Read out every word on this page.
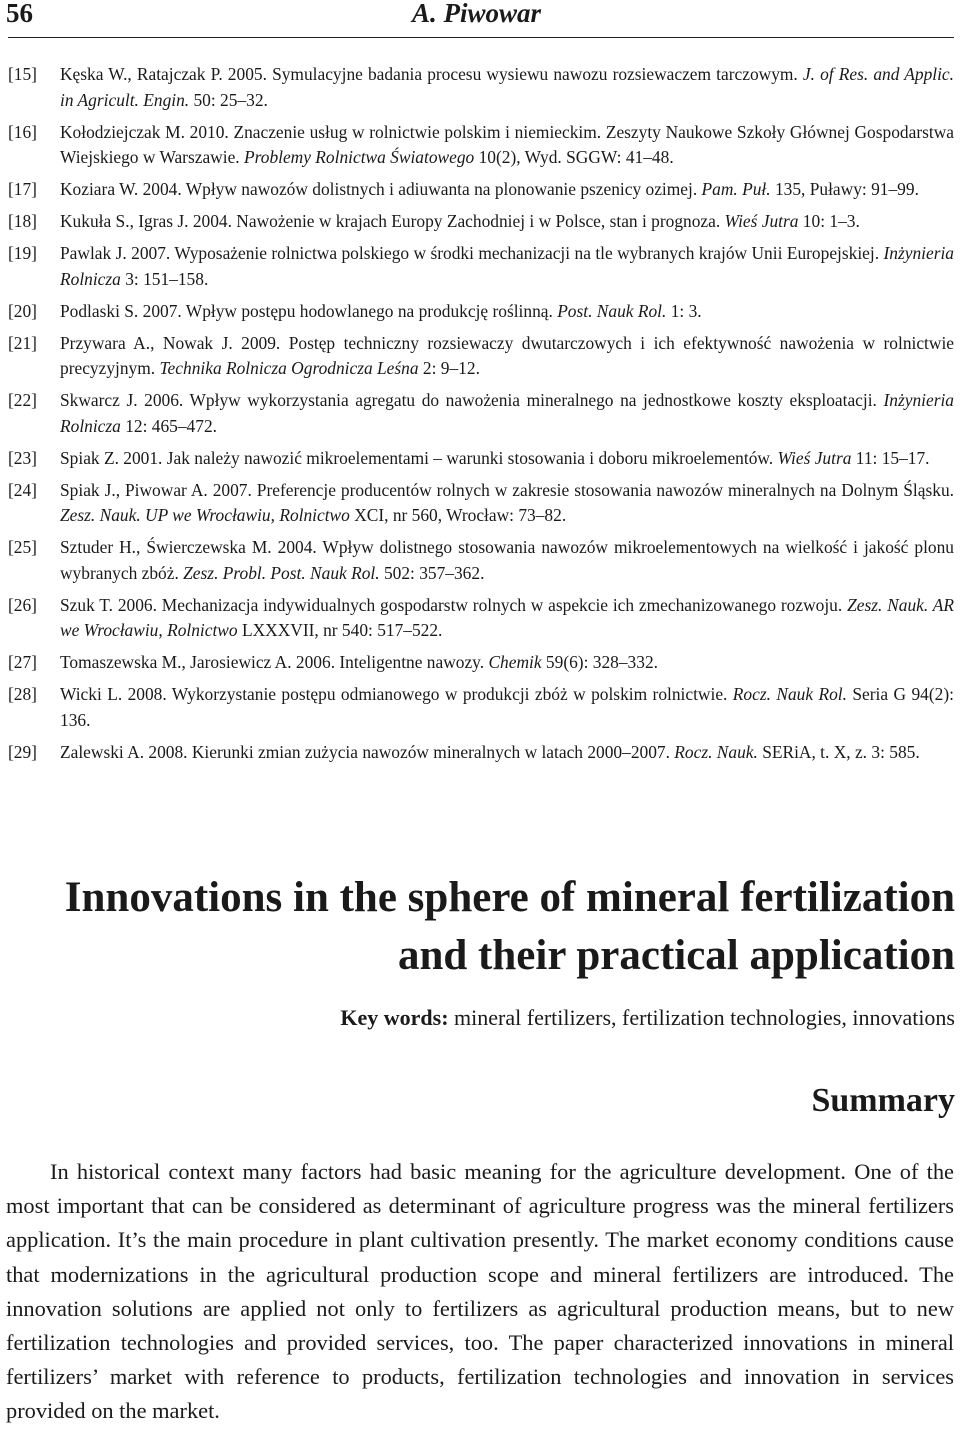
56	A. Piwowar
[15] Kęska W., Ratajczak P. 2005. Symulacyjne badania procesu wysiewu nawozu rozsiewaczem tarczowym. J. of Res. and Applic. in Agricult. Engin. 50: 25–32.
[16] Kołodziejczak M. 2010. Znaczenie usług w rolnictwie polskim i niemieckim. Zeszyty Naukowe Szkoły Głównej Gospodarstwa Wiejskiego w Warszawie. Problemy Rolnictwa Światowego 10(2), Wyd. SGGW: 41–48.
[17] Koziara W. 2004. Wpływ nawozów dolistnych i adiuwanta na plonowanie pszenicy ozimej. Pam. Puł. 135, Puławy: 91–99.
[18] Kukuła S., Igras J. 2004. Nawożenie w krajach Europy Zachodniej i w Polsce, stan i prognoza. Wieś Jutra 10: 1–3.
[19] Pawlak J. 2007. Wyposażenie rolnictwa polskiego w środki mechanizacji na tle wybranych krajów Unii Europejskiej. Inżynieria Rolnicza 3: 151–158.
[20] Podlaski S. 2007. Wpływ postępu hodowlanego na produkcję roślinną. Post. Nauk Rol. 1: 3.
[21] Przywara A., Nowak J. 2009. Postęp techniczny rozsiewaczy dwutarczowych i ich efektywność nawożenia w rolnictwie precyzyjnym. Technika Rolnicza Ogrodnicza Leśna 2: 9–12.
[22] Skwarcz J. 2006. Wpływ wykorzystania agregatu do nawożenia mineralnego na jednostkowe koszty eksploatacji. Inżynieria Rolnicza 12: 465–472.
[23] Spiak Z. 2001. Jak należy nawozić mikroelementami – warunki stosowania i doboru mikroelementów. Wieś Jutra 11: 15–17.
[24] Spiak J., Piwowar A. 2007. Preferencje producentów rolnych w zakresie stosowania nawozów mineralnych na Dolnym Śląsku. Zesz. Nauk. UP we Wrocławiu, Rolnictwo XCI, nr 560, Wrocław: 73–82.
[25] Sztuder H., Świerczewska M. 2004. Wpływ dolistnego stosowania nawozów mikroelementowych na wielkość i jakość plonu wybranych zbóż. Zesz. Probl. Post. Nauk Rol. 502: 357–362.
[26] Szuk T. 2006. Mechanizacja indywidualnych gospodarstw rolnych w aspekcie ich zmechanizowanego rozwoju. Zesz. Nauk. AR we Wrocławiu, Rolnictwo LXXXVII, nr 540: 517–522.
[27] Tomaszewska M., Jarosiewicz A. 2006. Inteligentne nawozy. Chemik 59(6): 328–332.
[28] Wicki L. 2008. Wykorzystanie postępu odmianowego w produkcji zbóż w polskim rolnictwie. Rocz. Nauk Rol. Seria G 94(2): 136.
[29] Zalewski A. 2008. Kierunki zmian zużycia nawozów mineralnych w latach 2000–2007. Rocz. Nauk. SERiA, t. X, z. 3: 585.
Innovations in the sphere of mineral fertilization
and their practical application
Key words: mineral fertilizers, fertilization technologies, innovations
Summary

In historical context many factors had basic meaning for the agriculture development. One of the most important that can be considered as determinant of agriculture progress was the mineral fertilizers application. It’s the main procedure in plant cultivation presently. The market economy conditions cause that modernizations in the agricultural production scope and mineral fertilizers are introduced. The innovation solutions are applied not only to fertilizers as agricultural production means, but to new fertilization technologies and provided services, too. The paper characterized innovations in mineral fertilizers’ market with reference to products, fertilization technologies and innovation in services provided on the market.
